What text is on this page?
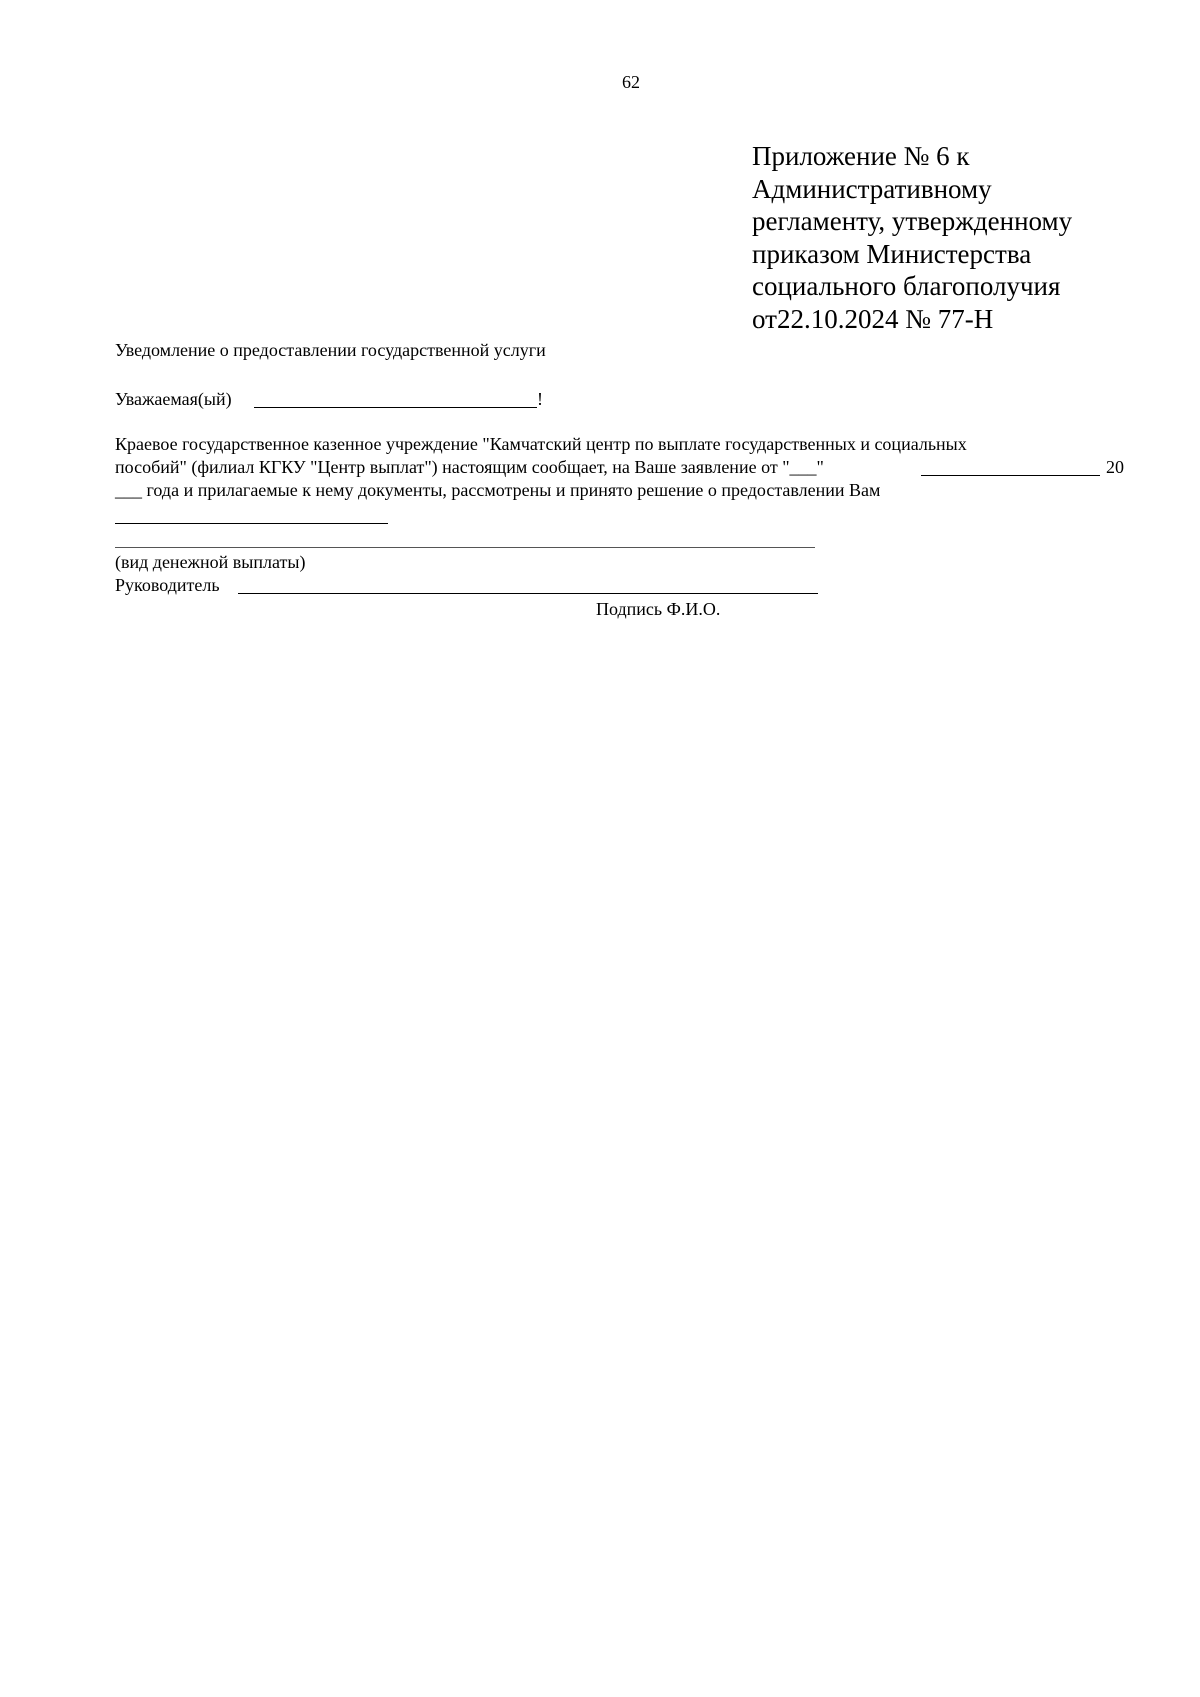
62
Приложение № 6 к
Административному
регламенту, утвержденному
приказом Министерства
социального благополучия
от22.10.2024 № 77-Н
Уведомление о предоставлении государственной услуги
Уважаемая(ый)	!
Краевое государственное казенное учреждение "Камчатский центр по выплате государственных и социальных
пособий" (филиал КГКУ "Центр выплат") настоящим сообщает, на Ваше заявление от "___"	20
___ года и прилагаемые к нему документы, рассмотрены и принято решение о предоставлении Вам
(вид денежной выплаты)
Руководитель
Подпись Ф.И.О.
